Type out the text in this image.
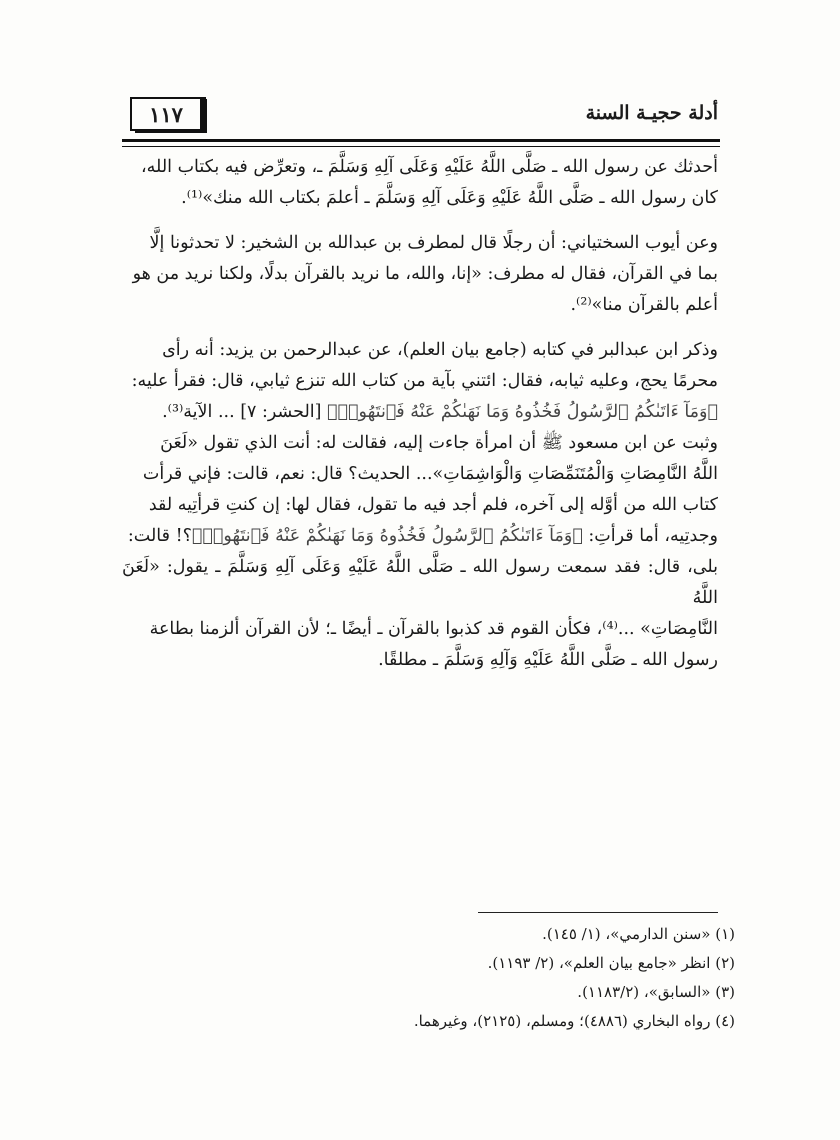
أدلة حجيـة السنة
١١٧

أحدثك عن رسول الله ـ صَلَّى اللَّهُ عَلَيْهِ وَعَلَى آلِهِ وَسَلَّمَ ـ، وتعرِّض فيه بكتاب الله،

كان رسول الله ـ صَلَّى اللَّهُ عَلَيْهِ وَعَلَى آلِهِ وَسَلَّمَ ـ أعلمَ بكتاب الله منك»⁽¹⁾.

وعن أيوب السختياني: أن رجلًا قال لمطرف بن عبدالله بن الشخير: لا تحدثونا إلَّا

بما في القرآن، فقال له مطرف: «إنا، والله، ما نريد بالقرآن بدلًا، ولكنا نريد من هو

أعلم بالقرآن منا»⁽²⁾.

وذكر ابن عبدالبر في كتابه (جامع بيان العلم)، عن عبدالرحمن بن يزيد: أنه رأى

محرمًا يحج، وعليه ثيابه، فقال: ائتني بآية من كتاب الله تنزع ثيابي، قال: فقرأ عليه:

﴿وَمَآ ءَاتَىٰكُمُ ٱلرَّسُولُ فَخُذُوهُ وَمَا نَهَىٰكُمْ عَنْهُ فَٱنتَهُوا۟﴾ [الحشر: ٧] ... الآية⁽³⁾.

وثبت عن ابن مسعود ﷺ أن امرأة جاءت إليه، فقالت له: أنت الذي تقول «لَعَنَ

اللَّهُ النَّامِصَاتِ وَالْمُتَنَمِّصَاتِ وَالْوَاشِمَاتِ»... الحديث؟ قال: نعم، قالت: فإني قرأت

كتاب الله من أوَّله إلى آخره، فلم أجد فيه ما تقول، فقال لها: إن كنتِ قرأتِيه لقد

وجدتِيه، أما قرأتِ: ﴿وَمَآ ءَاتَىٰكُمُ ٱلرَّسُولُ فَخُذُوهُ وَمَا نَهَىٰكُمْ عَنْهُ فَٱنتَهُوا۟﴾؟! قالت:

بلى، قال: فقد سمعت رسول الله ـ صَلَّى اللَّهُ عَلَيْهِ وَعَلَى آلِهِ وَسَلَّمَ ـ يقول: «لَعَنَ اللَّهُ

النَّامِصَاتِ» ...⁽⁴⁾، فكأن القوم قد كذبوا بالقرآن ـ أيضًا ـ؛ لأن القرآن ألزمنا بطاعة

رسول الله ـ صَلَّى اللَّهُ عَلَيْهِ وَآلِهِ وَسَلَّمَ ـ مطلقًا.

(١) «سنن الدارمي»، (١/ ١٤٥).

(٢) انظر «جامع بيان العلم»، (٢/ ١١٩٣).

(٣) «السابق»، (١١٨٣/٢).

(٤) رواه البخاري (٤٨٨٦)؛ ومسلم، (٢١٢٥)، وغيرهما.
